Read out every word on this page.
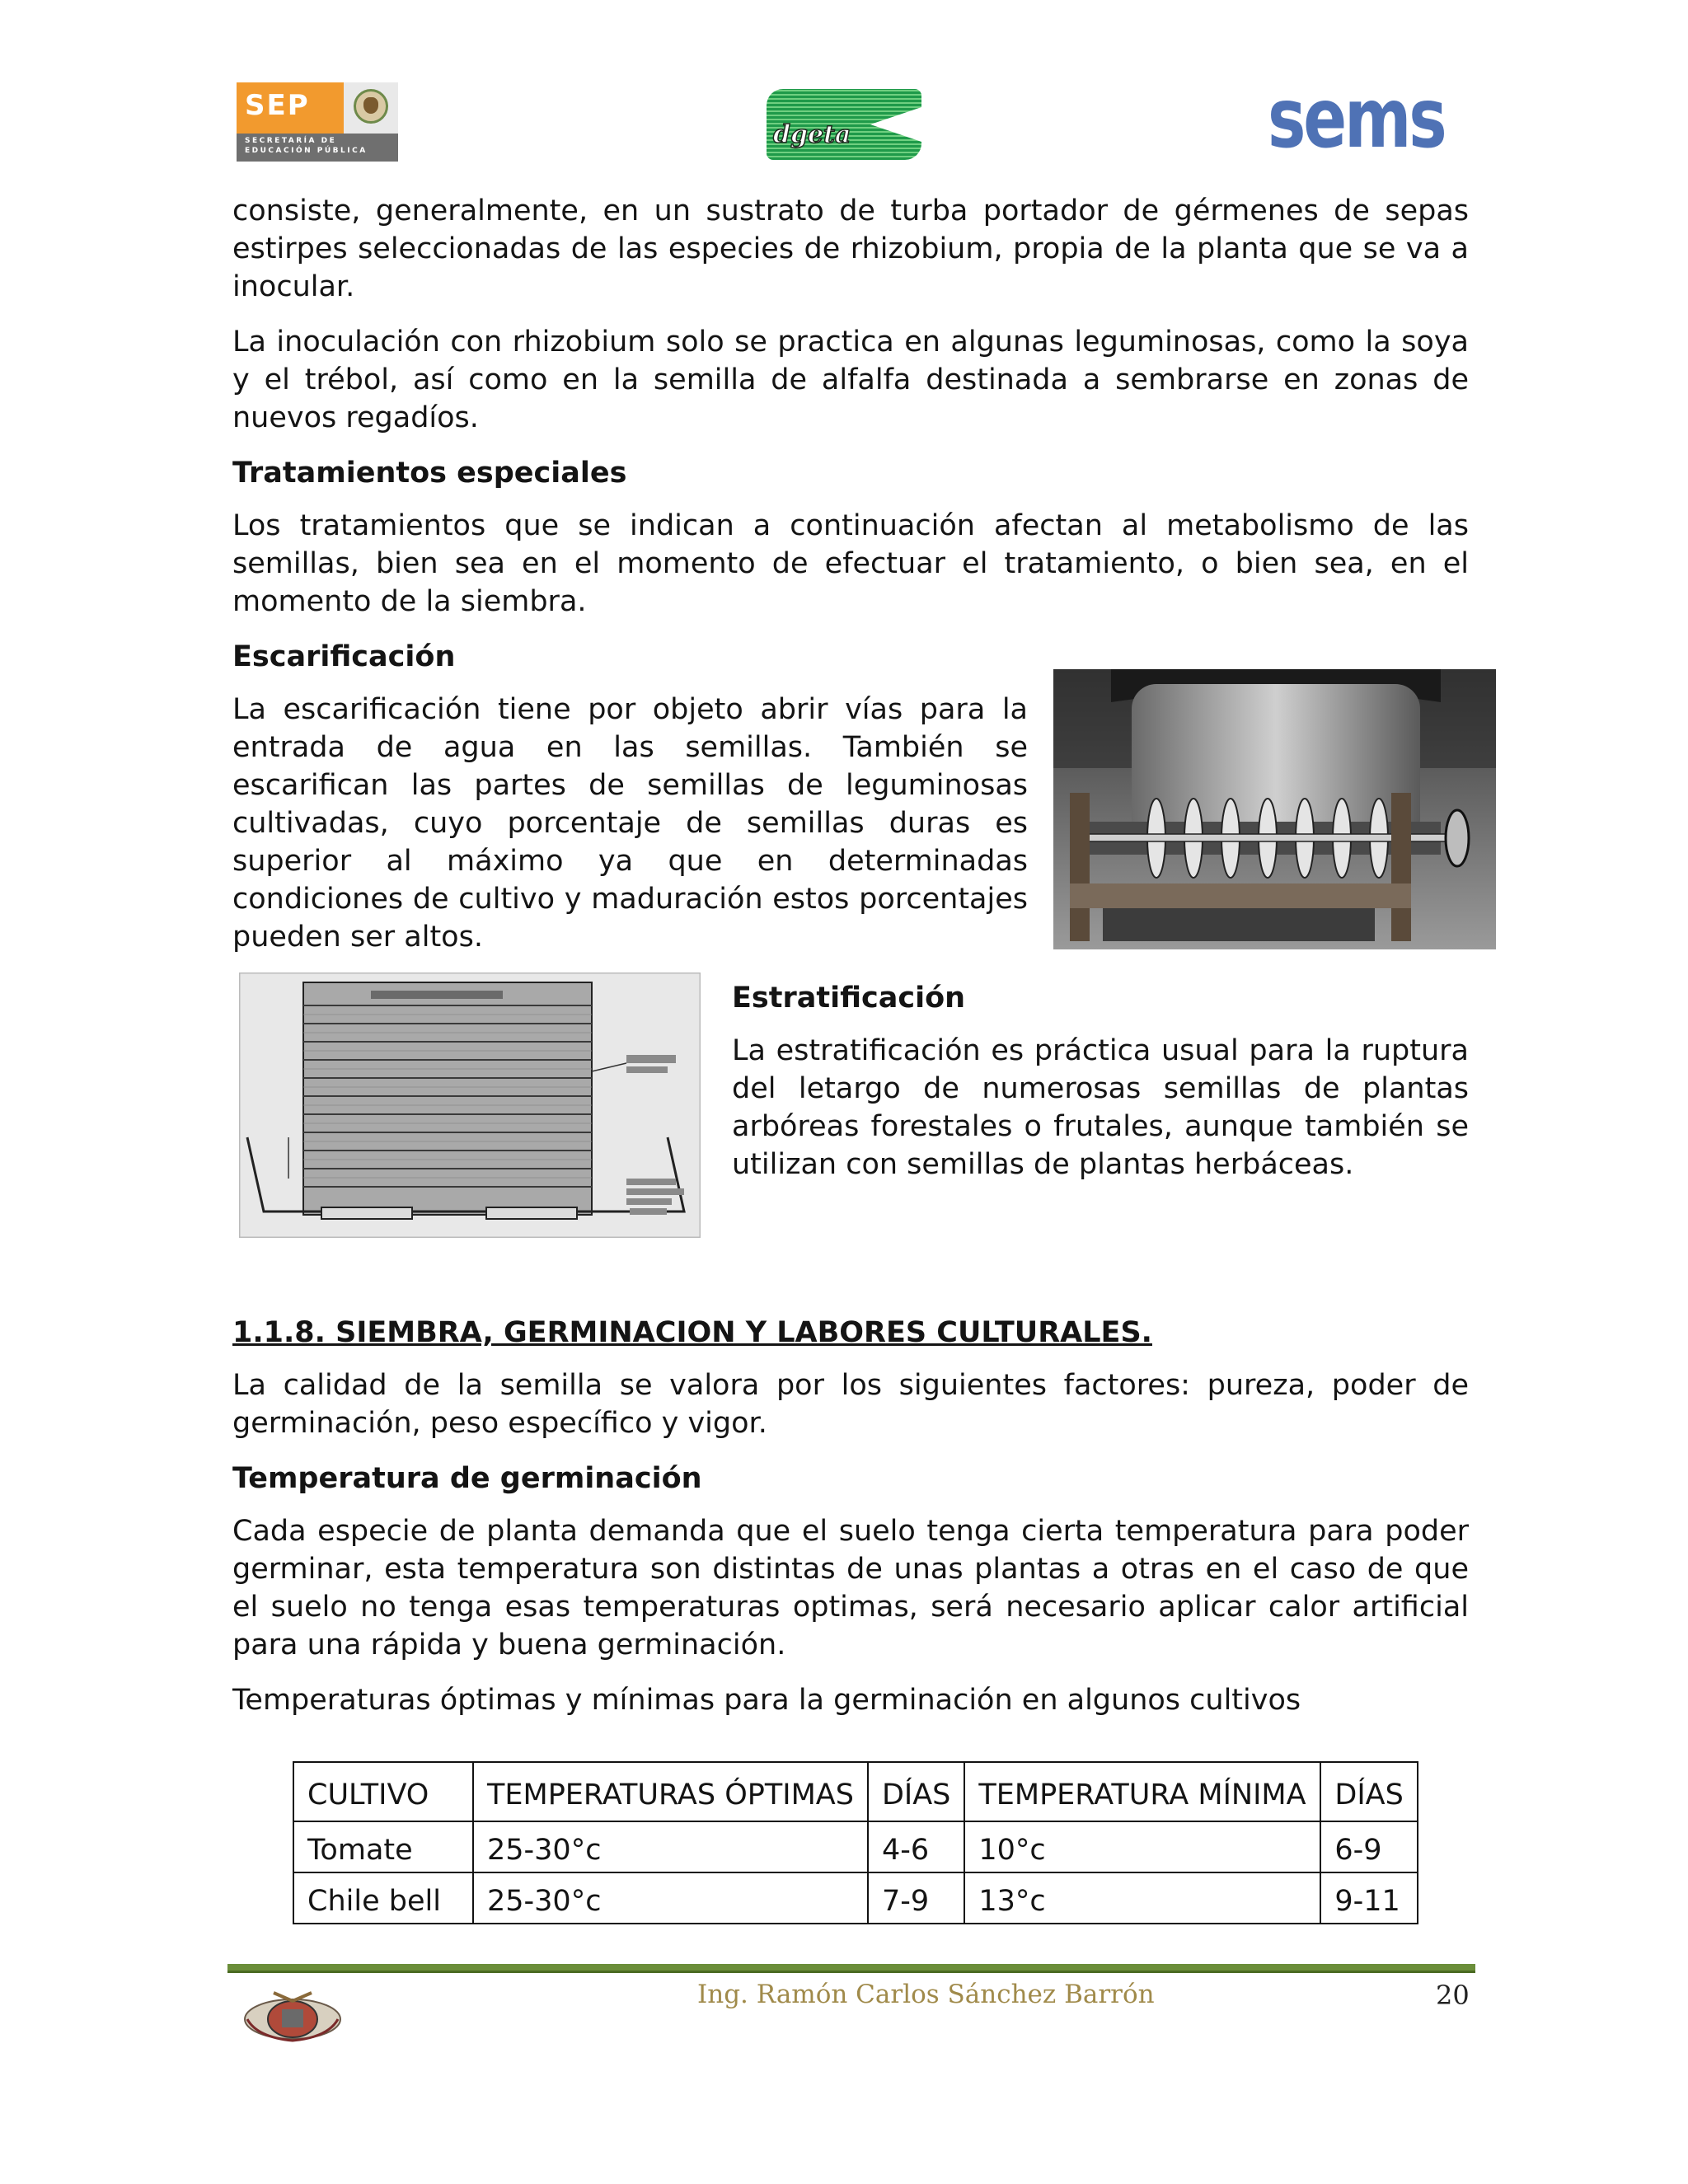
SEP
SECRETARÍA DE
EDUCACIÓN PÚBLICA
dgeta	sems

consiste, generalmente, en un sustrato de turba portador de gérmenes de sepas estirpes seleccionadas de las especies de rhizobium, propia de la planta que se va a inocular.

La inoculación con rhizobium solo se practica en algunas leguminosas, como la soya y el trébol, así como en la semilla de alfalfa destinada a sembrarse en zonas de nuevos regadíos.

Tratamientos especiales

Los tratamientos que se indican a continuación afectan al metabolismo de las semillas, bien sea en el momento de efectuar el tratamiento, o bien sea, en el momento de la siembra.

Escarificación

La escarificación tiene por objeto abrir vías para la entrada de agua en las semillas. También se escarifican las partes de semillas de leguminosas cultivadas, cuyo porcentaje de semillas duras es superior al máximo ya que en determinadas condiciones de cultivo y maduración estos porcentajes pueden ser altos.

Estratificación

La estratificación es práctica usual para la ruptura del letargo de numerosas semillas de plantas arbóreas forestales o frutales, aunque también se utilizan con semillas de plantas herbáceas.

1.1.8. SIEMBRA, GERMINACION Y LABORES CULTURALES.

La calidad de la semilla se valora por los siguientes factores: pureza, poder de germinación, peso específico y vigor.

Temperatura de germinación

Cada especie de planta demanda que el suelo tenga cierta temperatura para poder germinar, esta temperatura son distintas de unas plantas a otras en el caso de que el suelo no tenga esas temperaturas optimas, será necesario aplicar calor artificial para una rápida y buena germinación.

Temperaturas óptimas y mínimas para la germinación en algunos cultivos

CULTIVO	TEMPERATURAS ÓPTIMAS	DÍAS	TEMPERATURA MÍNIMA	DÍAS
Tomate	25-30°c	4-6	10°c	6-9
Chile bell	25-30°c	7-9	13°c	9-11
Ing. Ramón Carlos Sánchez Barrón	20
